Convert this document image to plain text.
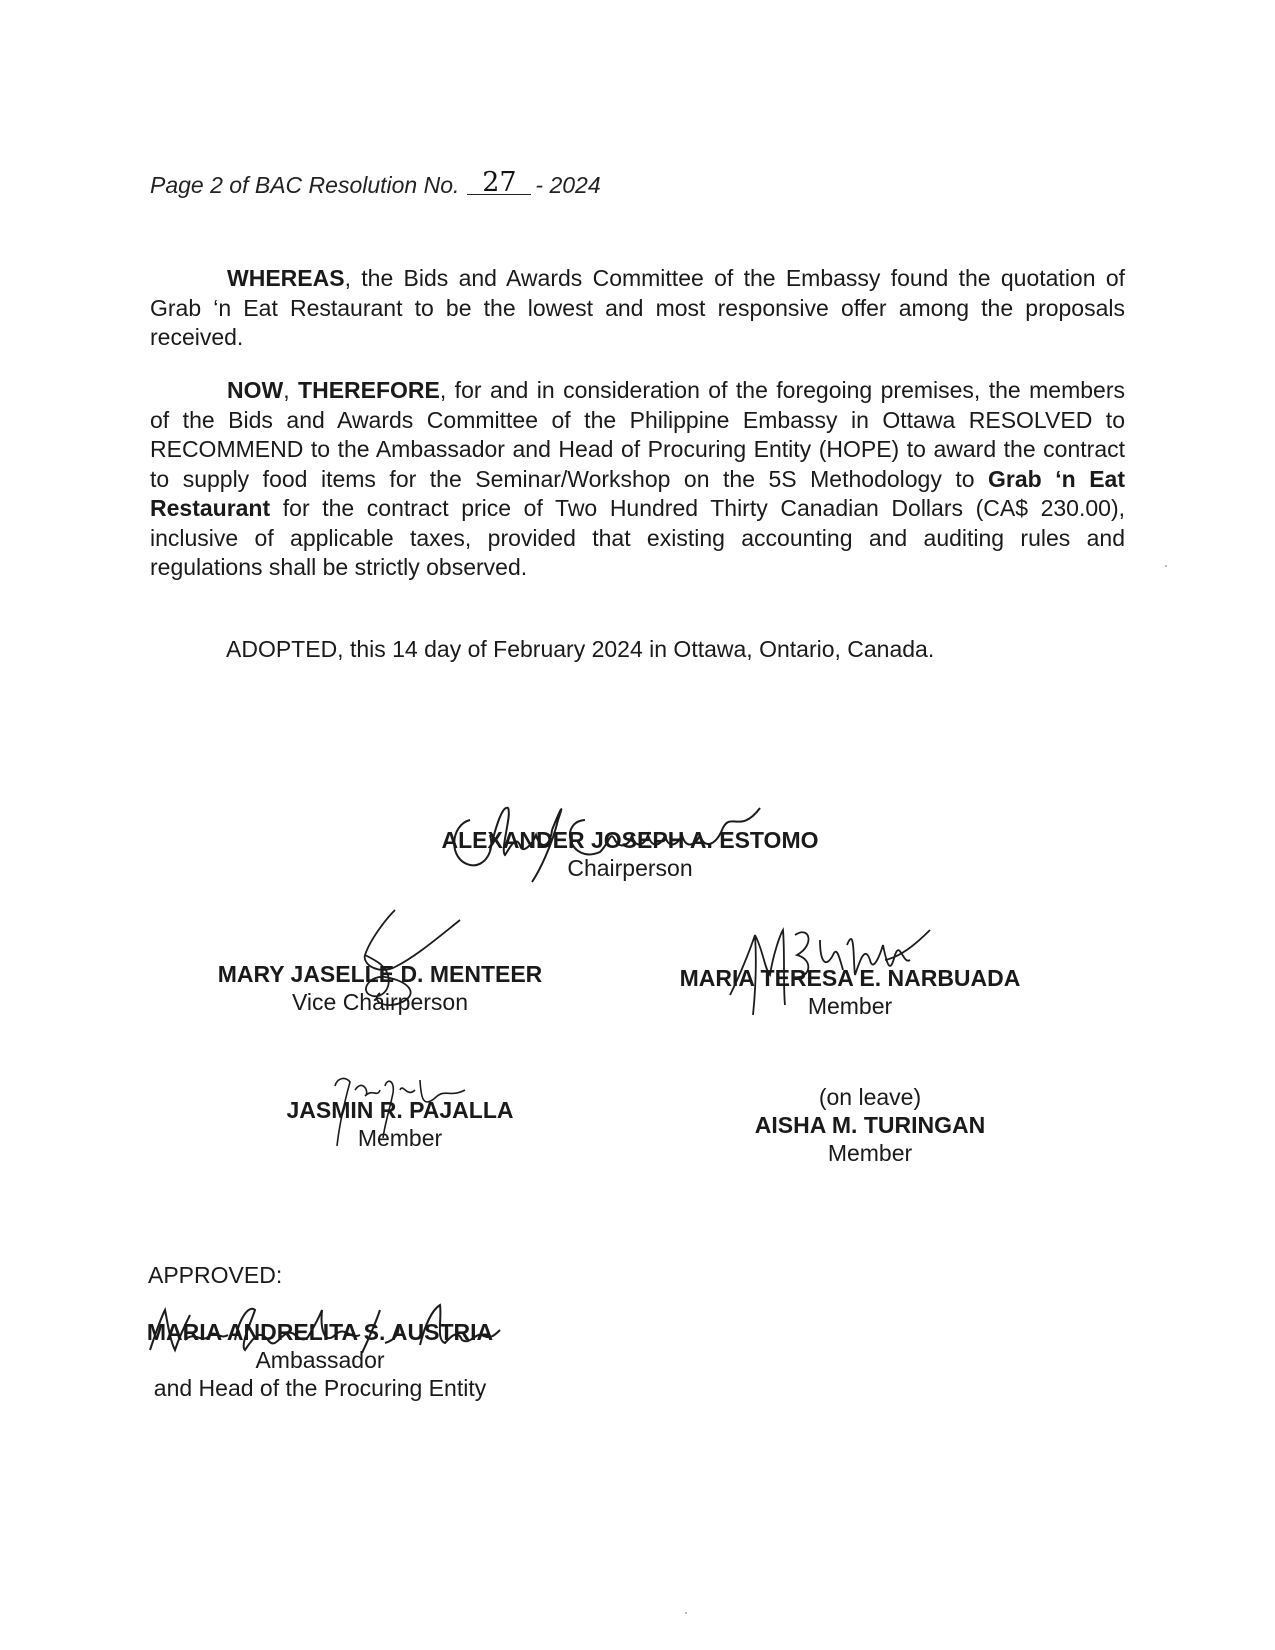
Page 2 of BAC Resolution No. 27 - 2024

WHEREAS, the Bids and Awards Committee of the Embassy found the quotation of Grab ‘n Eat Restaurant to be the lowest and most responsive offer among the proposals received.

NOW, THEREFORE, for and in consideration of the foregoing premises, the members of the Bids and Awards Committee of the Philippine Embassy in Ottawa RESOLVED to RECOMMEND to the Ambassador and Head of Procuring Entity (HOPE) to award the contract to supply food items for the Seminar/Workshop on the 5S Methodology to Grab ‘n Eat Restaurant for the contract price of Two Hundred Thirty Canadian Dollars (CA$ 230.00), inclusive of applicable taxes, provided that existing accounting and auditing rules and regulations shall be strictly observed.

ADOPTED, this 14 day of February 2024 in Ottawa, Ontario, Canada.
ALEXANDER JOSEPH A. ESTOMO
Chairperson
MARY JASELLE D. MENTEER
Vice Chairperson
MARIA TERESA E. NARBUADA
Member
JASMIN R. PAJALLA
Member
(on leave)
AISHA M. TURINGAN
Member
APPROVED:
MARIA ANDRELITA S. AUSTRIA
Ambassador
and Head of the Procuring Entity
